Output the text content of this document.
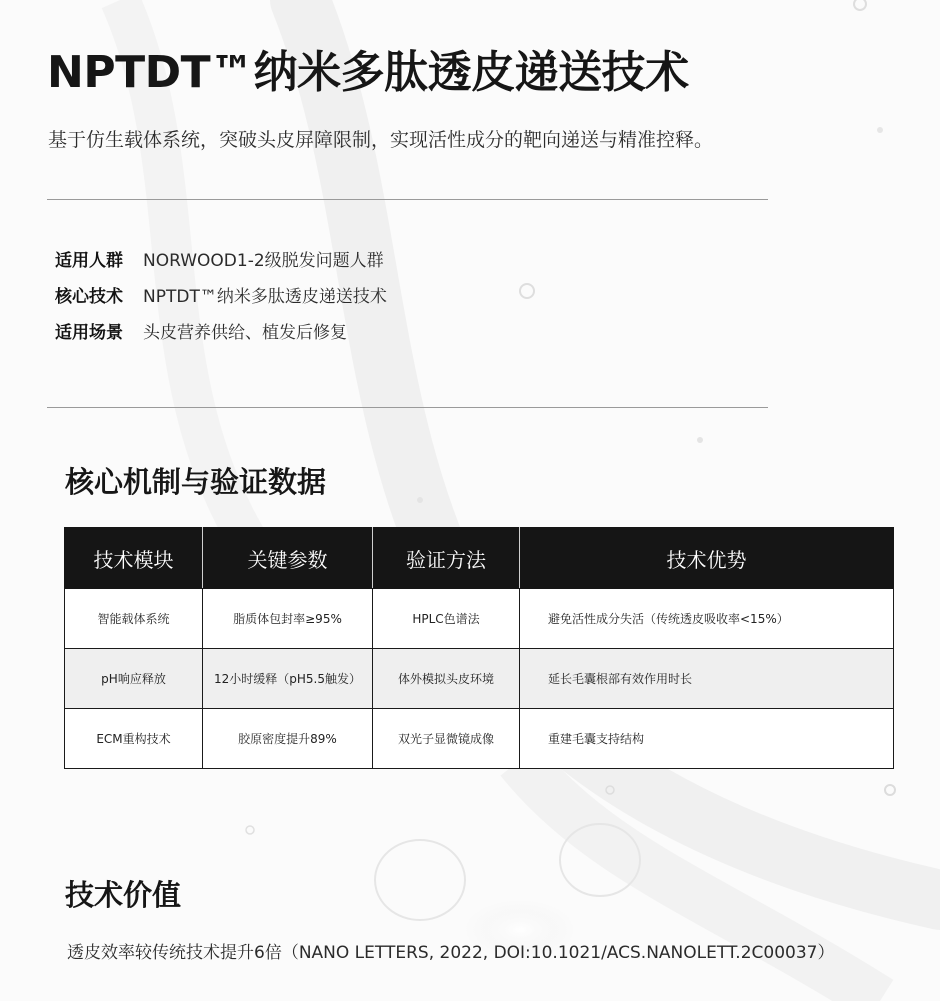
NPTDT™纳米多肽透皮递送技术

基于仿生载体系统，突破头皮屏障限制，实现活性成分的靶向递送与精准控释。

适用人群 NORWOOD1-2级脱发问题人群
核心技术 NPTDT™纳米多肽透皮递送技术
适用场景 头皮营养供给、植发后修复
核心机制与验证数据
技术模块	关键参数	验证方法	技术优势
智能载体系统	脂质体包封率≥95%	HPLC色谱法	避免活性成分失活（传统透皮吸收率<15%）
pH响应释放	12小时缓释（pH5.5触发）	体外模拟头皮环境	延长毛囊根部有效作用时长
ECM重构技术	胶原密度提升89%	双光子显微镜成像	重建毛囊支持结构
技术价值

透皮效率较传统技术提升6倍（NANO LETTERS, 2022, DOI:10.1021/ACS.NANOLETT.2C00037）
